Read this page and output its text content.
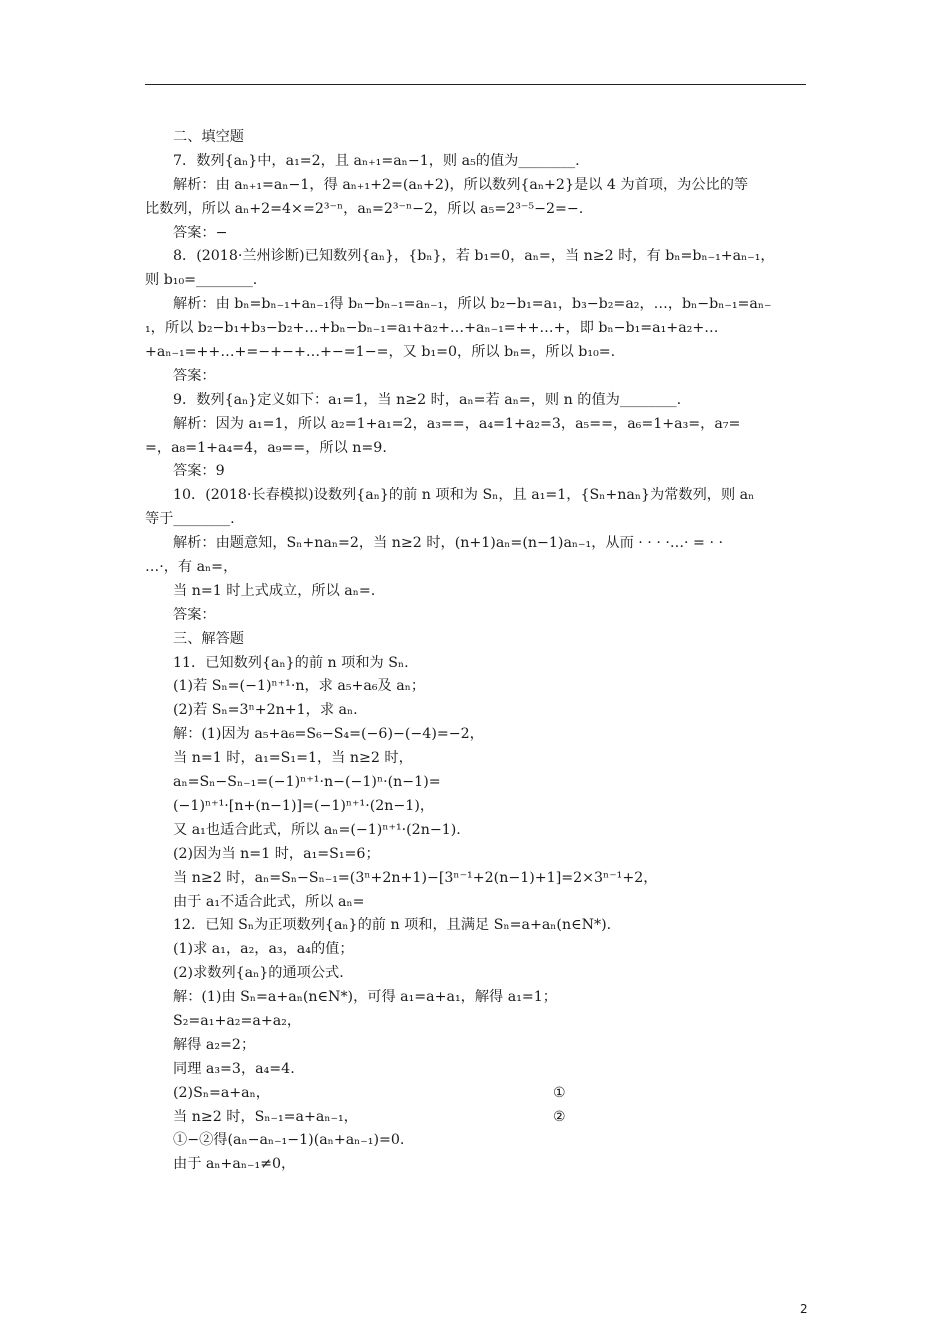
二、填空题
7．数列{aₙ}中，a₁=2，且 aₙ₊₁=aₙ−1，则 a₅的值为________.
解析：由 aₙ₊₁=aₙ−1，得 aₙ₊₁+2=(aₙ+2)，所以数列{aₙ+2}是以 4 为首项，为公比的等
比数列，所以 aₙ+2=4×=2³⁻ⁿ，aₙ=2³⁻ⁿ−2，所以 a₅=2³⁻⁵−2=−.
答案：−
8．(2018·兰州诊断)已知数列{aₙ}，{bₙ}，若 b₁=0，aₙ=，当 n≥2 时，有 bₙ=bₙ₋₁+aₙ₋₁，
则 b₁₀=________.
解析：由 bₙ=bₙ₋₁+aₙ₋₁得 bₙ−bₙ₋₁=aₙ₋₁，所以 b₂−b₁=a₁，b₃−b₂=a₂，…，bₙ−bₙ₋₁=aₙ₋
₁，所以 b₂−b₁+b₃−b₂+…+bₙ−bₙ₋₁=a₁+a₂+…+aₙ₋₁=++…+，即 bₙ−b₁=a₁+a₂+…
+aₙ₋₁=++…+=−+−+…+−=1−=，又 b₁=0，所以 bₙ=，所以 b₁₀=.
答案：
9．数列{aₙ}定义如下：a₁=1，当 n≥2 时，aₙ=若 aₙ=，则 n 的值为________.
解析：因为 a₁=1，所以 a₂=1+a₁=2，a₃==，a₄=1+a₂=3，a₅==，a₆=1+a₃=，a₇=
=，a₈=1+a₄=4，a₉==，所以 n=9.
答案：9
10．(2018·长春模拟)设数列{aₙ}的前 n 项和为 Sₙ，且 a₁=1，{Sₙ+naₙ}为常数列，则 aₙ
等于________.
解析：由题意知，Sₙ+naₙ=2，当 n≥2 时，(n+1)aₙ=(n−1)aₙ₋₁，从而 · · · ·…· = · ·
…·，有 aₙ=，
当 n=1 时上式成立，所以 aₙ=.
答案：
三、解答题
11．已知数列{aₙ}的前 n 项和为 Sₙ.
(1)若 Sₙ=(−1)ⁿ⁺¹·n，求 a₅+a₆及 aₙ；
(2)若 Sₙ=3ⁿ+2n+1，求 aₙ.
解：(1)因为 a₅+a₆=S₆−S₄=(−6)−(−4)=−2，
当 n=1 时，a₁=S₁=1，当 n≥2 时，
aₙ=Sₙ−Sₙ₋₁=(−1)ⁿ⁺¹·n−(−1)ⁿ·(n−1)=
(−1)ⁿ⁺¹·[n+(n−1)]=(−1)ⁿ⁺¹·(2n−1)，
又 a₁也适合此式，所以 aₙ=(−1)ⁿ⁺¹·(2n−1).
(2)因为当 n=1 时，a₁=S₁=6；
当 n≥2 时，aₙ=Sₙ−Sₙ₋₁=(3ⁿ+2n+1)−[3ⁿ⁻¹+2(n−1)+1]=2×3ⁿ⁻¹+2，
由于 a₁不适合此式，所以 aₙ=
12．已知 Sₙ为正项数列{aₙ}的前 n 项和，且满足 Sₙ=a+aₙ(n∈N*).
(1)求 a₁，a₂，a₃，a₄的值；
(2)求数列{aₙ}的通项公式.
解：(1)由 Sₙ=a+aₙ(n∈N*)，可得 a₁=a+a₁，解得 a₁=1；
S₂=a₁+a₂=a+a₂，
解得 a₂=2；
同理 a₃=3，a₄=4.
(2)Sₙ=a+aₙ，	①
当 n≥2 时，Sₙ₋₁=a+aₙ₋₁，	②
①−②得(aₙ−aₙ₋₁−1)(aₙ+aₙ₋₁)=0.
由于 aₙ+aₙ₋₁≠0，
2
